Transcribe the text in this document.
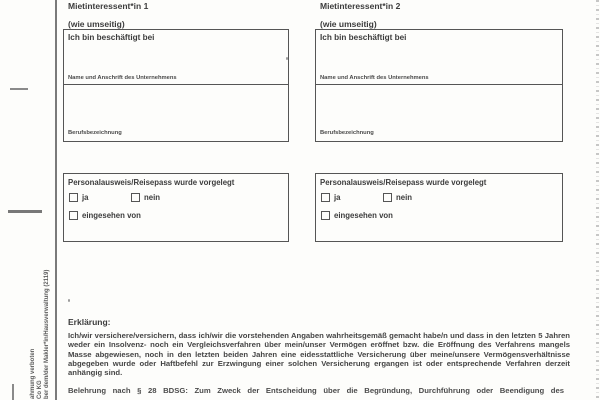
ahmung verboten Co KG ber dem/der Makler*in/Hausverwaltung (2119)
Mietinteressent*in 1
(wie umseitig)
Ich bin beschäftigt bei
Name und Anschrift des Unternehmens
Berufsbezeichnung
Personalausweis/Reisepass wurde vorgelegt
ja	nein
eingesehen von
Mietinteressent*in 2
(wie umseitig)
Ich bin beschäftigt bei
Name und Anschrift des Unternehmens
Berufsbezeichnung
Personalausweis/Reisepass wurde vorgelegt
ja	nein
eingesehen von
Erklärung:
Ich/wir versichere/versichern, dass ich/wir die vorstehenden Angaben wahrheitsgemäß gemacht habe/n und dass in den letzten 5 Jahren weder ein Insolvenz- noch ein Vergleichsverfahren über mein/unser Vermögen eröffnet bzw. die Eröffnung des Verfahrens mangels Masse abgewiesen, noch in den letzten beiden Jahren eine eidesstattliche Versicherung über meine/unsere Vermögensverhältnisse abgegeben wurde oder Haftbefehl zur Erzwingung einer solchen Versicherung ergangen ist oder entsprechende Verfahren derzeit anhängig sind.
Belehrung nach § 28 BDSG: Zum Zweck der Entscheidung über die Begründung, Durchführung oder Beendigung des
